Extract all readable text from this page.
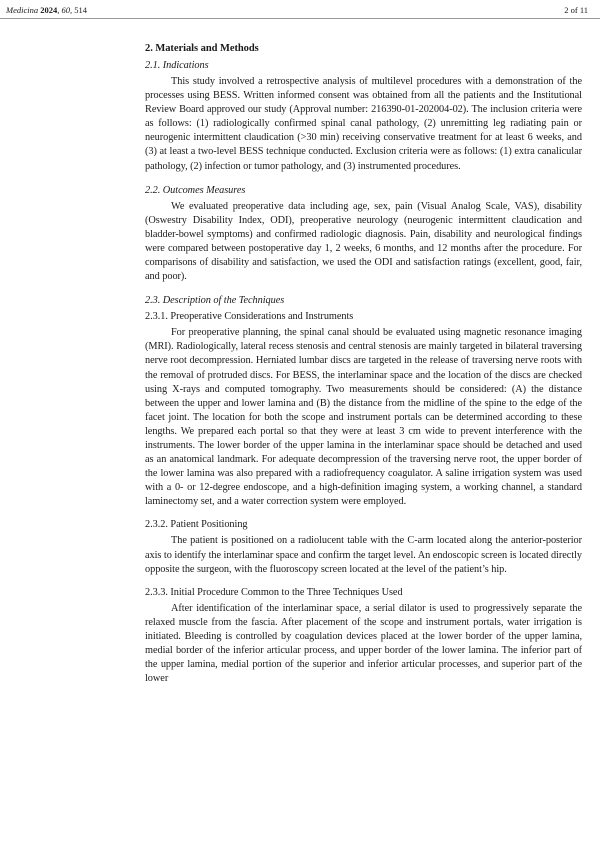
Medicina 2024, 60, 514	2 of 11
2. Materials and Methods
2.1. Indications

This study involved a retrospective analysis of multilevel procedures with a demonstration of the processes using BESS. Written informed consent was obtained from all the patients and the Institutional Review Board approved our study (Approval number: 216390-01-202004-02). The inclusion criteria were as follows: (1) radiologically confirmed spinal canal pathology, (2) unremitting leg radiating pain or neurogenic intermittent claudication (>30 min) receiving conservative treatment for at least 6 weeks, and (3) at least a two-level BESS technique conducted. Exclusion criteria were as follows: (1) extra canalicular pathology, (2) infection or tumor pathology, and (3) instrumented procedures.

2.2. Outcomes Measures

We evaluated preoperative data including age, sex, pain (Visual Analog Scale, VAS), disability (Oswestry Disability Index, ODI), preoperative neurology (neurogenic intermittent claudication and bladder-bowel symptoms) and confirmed radiologic diagnosis. Pain, disability and neurological findings were compared between postoperative day 1, 2 weeks, 6 months, and 12 months after the procedure. For comparisons of disability and satisfaction, we used the ODI and satisfaction ratings (excellent, good, fair, and poor).

2.3. Description of the Techniques
2.3.1. Preoperative Considerations and Instruments

For preoperative planning, the spinal canal should be evaluated using magnetic resonance imaging (MRI). Radiologically, lateral recess stenosis and central stenosis are mainly targeted in bilateral traversing nerve root decompression. Herniated lumbar discs are targeted in the release of traversing nerve roots with the removal of protruded discs. For BESS, the interlaminar space and the location of the discs are checked using X-rays and computed tomography. Two measurements should be considered: (A) the distance between the upper and lower lamina and (B) the distance from the midline of the spine to the edge of the facet joint. The location for both the scope and instrument portals can be determined according to these lengths. We prepared each portal so that they were at least 3 cm wide to prevent interference with the instruments. The lower border of the upper lamina in the interlaminar space should be detached and used as an anatomical landmark. For adequate decompression of the traversing nerve root, the upper border of the lower lamina was also prepared with a radiofrequency coagulator. A saline irrigation system was used with a 0- or 12-degree endoscope, and a high-definition imaging system, a working channel, a standard laminectomy set, and a water correction system were employed.

2.3.2. Patient Positioning

The patient is positioned on a radiolucent table with the C-arm located along the anterior-posterior axis to identify the interlaminar space and confirm the target level. An endoscopic screen is located directly opposite the surgeon, with the fluoroscopy screen located at the level of the patient’s hip.

2.3.3. Initial Procedure Common to the Three Techniques Used

After identification of the interlaminar space, a serial dilator is used to progressively separate the relaxed muscle from the fascia. After placement of the scope and instrument portals, water irrigation is initiated. Bleeding is controlled by coagulation devices placed at the lower border of the upper lamina, medial border of the inferior articular process, and upper border of the lower lamina. The inferior part of the upper lamina, medial portion of the superior and inferior articular processes, and superior part of the lower
